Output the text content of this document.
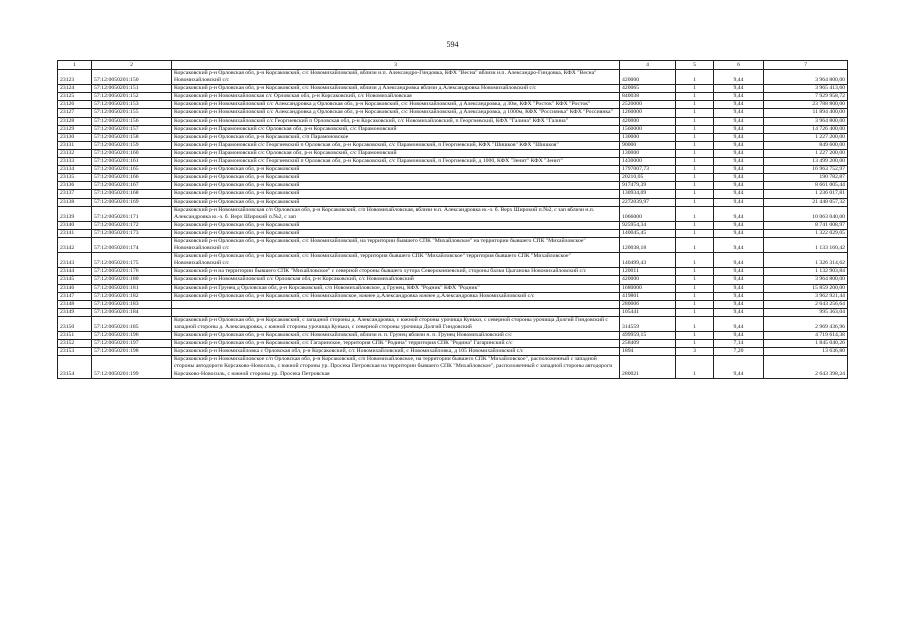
594
1	2	3	4	5	6	7
23123	57:12:0050201:150	Корсаковский р-н Орловская обл, р-н Корсаковский, с/с Новомихайловский, вблизи н.п. Александро-Гиндовка, КФХ "Весна" вблизи н.п. Александро-Гиндовка, КФХ "Весна" Новомихайловский с/с	420000	1	9,44	3 964 800,00
23124	57:12:0050201:151	Корсаковский р-н Орловская обл, р-н Корсаковский, с/с Новомихайловский, вблизи д Александровка вблизи д.Александровка Новомихайловский с/с	420065	1	9,44	3 965 413,60
23125	57:12:0050201:152	Корсаковский р-н Новомихайловская с/с Орловская обл, р-н Корсаковский, с/с Новомихайловская	840038	1	9,44	7 929 958,72
23126	57:12:0050201:153	Корсаковский р-н Новомихайловский с/с Александровка д Орловская обл, р-н Корсаковский, с/с Новомихайловский, д Александровка, д 30м, КФХ "Росток" КФХ "Росток"	2520000	1	9,44	23 788 800,00
23127	57:12:0050201:155	Корсаковский р-н Новомихайловский с/с Александровка д Орловская обл, р-н Корсаковский, с/с Новомихайловский, д Александровка, д 1000м, КФХ "Россиянка" КФХ "Россиянка"	1260000	1	9,44	11 894 400,00
23128	57:12:0050201:156	Корсаковский р-н Новомихайловский с/с Георгиевский п Орловская обл, р-н Корсаковский, с/с Новомихайловский, п Георгиевский, КФХ "Галина" КФХ "Галина"	420000	1	9,44	3 964 800,00
23129	57:12:0050201:157	Корсаковский р-н Парамоновский с/с Орловская обл, р-н Корсаковский, с/с Парамоновский	1560000	1	9,44	14 726 400,00
23130	57:12:0050201:158	Корсаковский р-н Орловская обл, р-н Корсаковский, с/п Парамоновское	130000	1	9,44	1 227 200,00
23131	57:12:0050201:159	Корсаковский р-н Парамоновский с/с Георгиевский п Орловская обл, р-н Корсаковский, с/с Парамоновский, п Георгиевский, КФХ "Шишков" КФХ "Шишков"	90000	1	9,44	849 600,00
23132	57:12:0050201:160	Корсаковский р-н Парамоновский с/с Орловская обл, р-н Корсаковский, с/с Парамоновский	130000	1	9,44	1 227 200,00
23133	57:12:0050201:161	Корсаковский р-н Парамоновский с/с Георгиевский п Орловская обл, р-н Корсаковский, с/с Парамоновский, п Георгиевский, д 1000, КФХ "Зенит" КФХ "Зенит"	1430000	1	9,44	13 499 200,00
23134	57:12:0050201:165	Корсаковский р-н Орловская обл, р-н Корсаковский	1797007,73	1	9,44	16 963 752,97
23135	57:12:0050201:166	Корсаковский р-н Орловская обл, р-н Корсаковский	20210,05	1	9,44	190 782,87
23136	57:12:0050201:167	Корсаковский р-н Орловская обл, р-н Корсаковский	917479,39	1	9,44	8 661 005,44
23137	57:12:0050201:168	Корсаковский р-н Орловская обл, р-н Корсаковский	130934,09	1	9,44	1 236 017,81
23138	57:12:0050201:169	Корсаковский р-н Орловская обл, р-н Корсаковский	2272039,97	1	9,44	21 448 057,32
23139	57:12:0050201:171	Корсаковский р-н Новомихайловская с/п Орловская обл, р-н Корсаковский, с/п Новомихайловская, вблизи н.п. Александровка ю.-з. б. Верх Широкий п.№2, с зап вблизи н.п. Александровка ю.-з. б. Верх Широкий п.№2, с зап	1066000	1	9,44	10 063 040,00
23140	57:12:0050201:172	Корсаковский р-н Орловская обл, р-н Корсаковский	925954,34	1	9,44	8 741 008,97
23141	57:12:0050201:173	Корсаковский р-н Орловская обл, р-н Корсаковский	140045,45	1	9,44	1 322 029,05
23142	57:12:0050201:174	Корсаковский р-н Орловская обл, р-н Корсаковский, с/с Новомихайловский, на территории бывшего СПК "Михайловское" на территории бывшего СПК "Михайловское" Новомихайловский с/с	120038,18	1	9,44	1 133 160,42
23143	57:12:0050201:175	Корсаковский р-н Орловская обл, р-н Корсаковский, с/с Новомихайловский, территория бывшего СПК "Михайловское" территория бывшего СПК "Михайловское" Новомихайловский с/с	140499,43	1	9,44	1 326 314,62
23144	57:12:0050201:176	Корсаковский р-н на территории бывшего СПК "Михайловское" с северной стороны бывшего хутора Северокнязевский, стороны балки Цыганова Новомихайловский с/с	120011	1	9,44	1 132 903,84
23145	57:12:0050201:180	Корсаковский р-н Новомихайловский с/с Орловская обл, р-н Корсаковский, с/с Новомихайловский	420000	1	9,44	3 964 800,00
23146	57:12:0050201:181	Корсаковский р-н Грунец д Орловская обл, р-н Корсаковский, с/п Новомихайловское, д Грунец, КФХ "Родник" КФХ "Родник"	1680000	1	9,44	15 859 200,00
23147	57:12:0050201:182	Корсаковский р-н Орловская обл, р-н Корсаковский, с/с Новомихайловское, южнее д.Александровка южнее д.Александровка Новомихайловский с/с	419801	1	9,44	3 962 921,44
23148	57:12:0050201:183		280006	1	9,44	2 643 256,64
23149	57:12:0050201:184		105441	1	9,44	995 363,04
23150	57:12:0050201:185	Корсаковский р-н Орловская обл, р-н Корсаковский, с западной стороны д. Александровка, с южной стороны урочища Куньки, с северной стороны урочища Долгий Гиндовский с западной стороны д. Александровка, с южной стороны урочища Куньки, с северной стороны урочища Долгий Гиндовский	314559	1	9,44	2 969 436,96
23151	57:12:0050201:196	Корсаковский р-н Орловская обл, р-н Корсаковский, с/с Новомихайловский, вблизи н. п. Грунец вблизи н. п. Грунец Новомихайловский с/с	499959,15	1	9,44	4 719 614,38
23152	57:12:0050201:197	Корсаковский р-н Орловская обл, р-н Корсаковский, с/с Гагаринское, территория СПК "Родина" территория СПК "Родина" Гагаринский с/с	258409	1	7,14	1 845 040,26
23153	57:12:0050201:198	Корсаковский р-н Новомихайловка с Орловская обл, р-н Корсаковский, с/с Новомихайловский, с Новомихайловка, д 105 Новомихайловский с/с	1894	3	7,20	13 636,80
23154	57:12:0050201:199	Корсаковский р-н Новомихайловское с/п Орловская обл, р-н Корсаковский, с/п Новомихайловское, на территории бывшего СПК "Михайловское", расположенный с западной стороны автодороги Корсаково-Новосиль, с южной стороны ур. Просека Петровская на территории бывшего СПК "Михайловское", расположенный с западной стороны автодороги Корсаково-Новосиль, с южной стороны ур. Просека Петровская	280021	1	9,44	2 643 398,24
